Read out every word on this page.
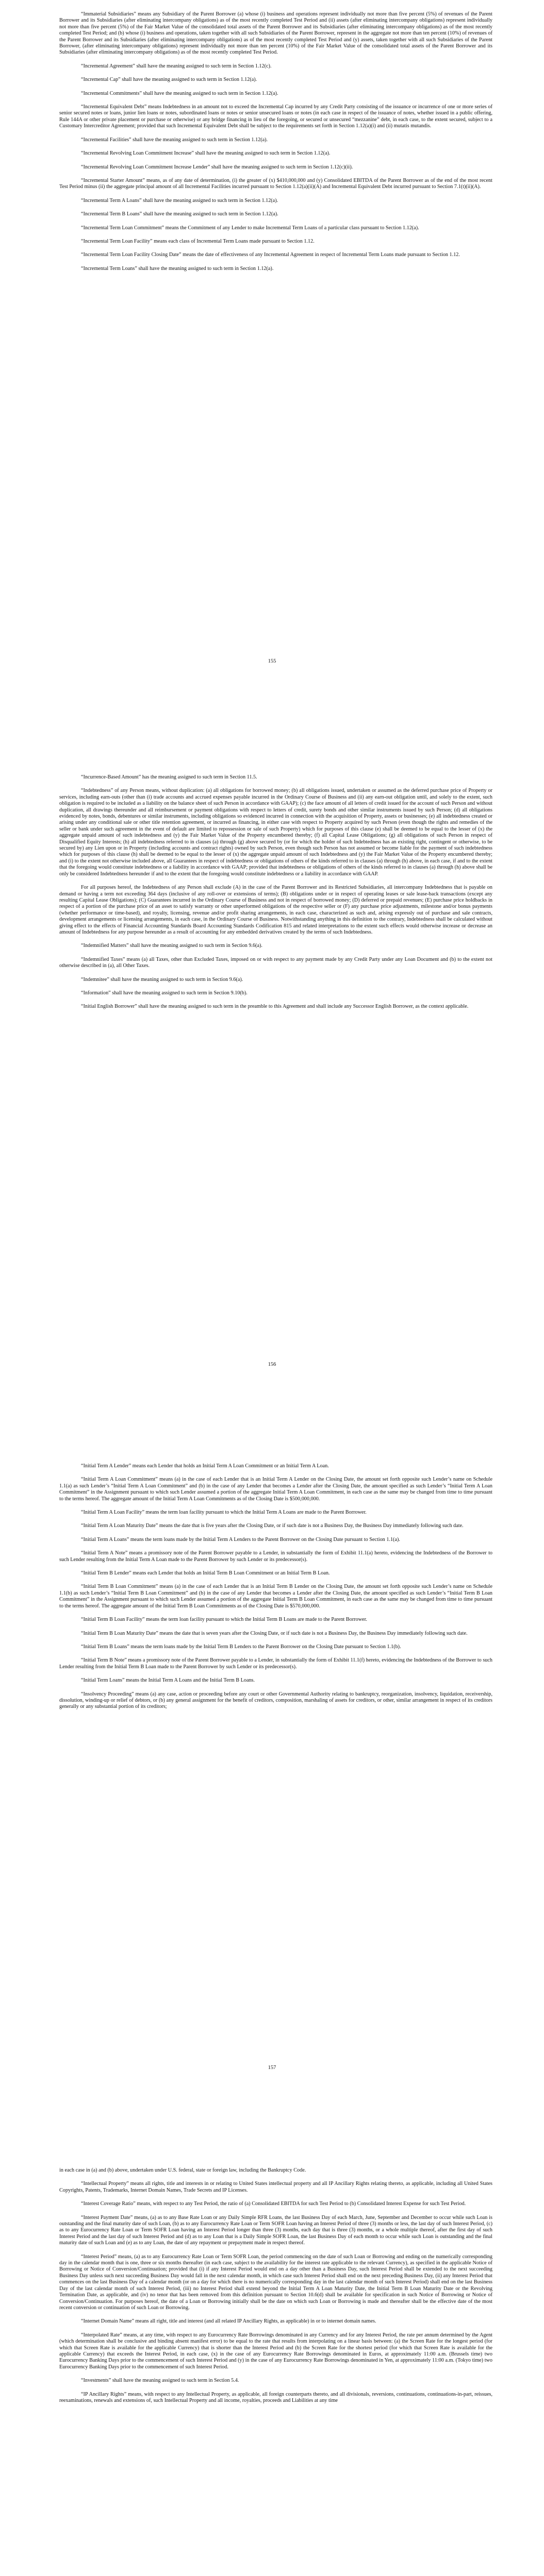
“Immaterial Subsidiaries” means any Subsidiary of the Parent Borrower (a) whose (i) business and operations represent individually not more than five percent (5%) of revenues of the Parent Borrower and its Subsidiaries (after eliminating intercompany obligations) as of the most recently completed Test Period and (ii) assets (after eliminating intercompany obligations) represent individually not more than five percent (5%) of the Fair Market Value of the consolidated total assets of the Parent Borrower and its Subsidiaries (after eliminating intercompany obligations) as of the most recently completed Test Period; and (b) whose (i) business and operations, taken together with all such Subsidiaries of the Parent Borrower, represent in the aggregate not more than ten percent (10%) of revenues of the Parent Borrower and its Subsidiaries (after eliminating intercompany obligations) as of the most recently completed Test Period and (y) assets, taken together with all such Subsidiaries of the Parent Borrower, (after eliminating intercompany obligations) represent individually not more than ten percent (10%) of the Fair Market Value of the consolidated total assets of the Parent Borrower and its Subsidiaries (after eliminating intercompany obligations) as of the most recently completed Test Period.

“Incremental Agreement” shall have the meaning assigned to such term in Section 1.12(c).

“Incremental Cap” shall have the meaning assigned to such term in Section 1.12(a).

“Incremental Commitments” shall have the meaning assigned to such term in Section 1.12(a).

“Incremental Equivalent Debt” means Indebtedness in an amount not to exceed the Incremental Cap incurred by any Credit Party consisting of the issuance or incurrence of one or more series of senior secured notes or loans, junior lien loans or notes, subordinated loans or notes or senior unsecured loans or notes (in each case in respect of the issuance of notes, whether issued in a public offering, Rule 144A or other private placement or purchase or otherwise) or any bridge financing in lieu of the foregoing, or secured or unsecured “mezzanine” debt, in each case, to the extent secured, subject to a Customary Intercreditor Agreement; provided that such Incremental Equivalent Debt shall be subject to the requirements set forth in Section 1.12(a)(i) and (ii) mutatis mutandis.

“Incremental Facilities” shall have the meaning assigned to such term in Section 1.12(a).

“Incremental Revolving Loan Commitment Increase” shall have the meaning assigned to such term in Section 1.12(a).

“Incremental Revolving Loan Commitment Increase Lender” shall have the meaning assigned to such term in Section 1.12(c)(ii).

“Incremental Starter Amount” means, as of any date of determination, (i) the greater of (x) $410,000,000 and (y) Consolidated EBITDA of the Parent Borrower as of the end of the most recent Test Period minus (ii) the aggregate principal amount of all Incremental Facilities incurred pursuant to Section 1.12(a)(ii)(A) and Incremental Equivalent Debt incurred pursuant to Section 7.1(t)(ii)(A).

“Incremental Term A Loans” shall have the meaning assigned to such term in Section 1.12(a).

“Incremental Term B Loans” shall have the meaning assigned to such term in Section 1.12(a).

“Incremental Term Loan Commitment” means the Commitment of any Lender to make Incremental Term Loans of a particular class pursuant to Section 1.12(a).

“Incremental Term Loan Facility” means each class of Incremental Term Loans made pursuant to Section 1.12.

“Incremental Term Loan Facility Closing Date” means the date of effectiveness of any Incremental Agreement in respect of Incremental Term Loans made pursuant to Section 1.12.

“Incremental Term Loans” shall have the meaning assigned to such term in Section 1.12(a).

155

“Incurrence-Based Amount” has the meaning assigned to such term in Section 11.5.

“Indebtedness” of any Person means, without duplication: (a) all obligations for borrowed money; (b) all obligations issued, undertaken or assumed as the deferred purchase price of Property or services, including earn-outs (other than (i) trade accounts and accrued expenses payable incurred in the Ordinary Course of Business and (ii) any earn-out obligation until, and solely to the extent, such obligation is required to be included as a liability on the balance sheet of such Person in accordance with GAAP); (c) the face amount of all letters of credit issued for the account of such Person and without duplication, all drawings thereunder and all reimbursement or payment obligations with respect to letters of credit, surety bonds and other similar instruments issued by such Person; (d) all obligations evidenced by notes, bonds, debentures or similar instruments, including obligations so evidenced incurred in connection with the acquisition of Property, assets or businesses; (e) all indebtedness created or arising under any conditional sale or other title retention agreement, or incurred as financing, in either case with respect to Property acquired by such Person (even though the rights and remedies of the seller or bank under such agreement in the event of default are limited to repossession or sale of such Property) which for purposes of this clause (e) shall be deemed to be equal to the lesser of (x) the aggregate unpaid amount of such indebtedness and (y) the Fair Market Value of the Property encumbered thereby; (f) all Capital Lease Obligations; (g) all obligations of such Person in respect of Disqualified Equity Interests; (h) all indebtedness referred to in clauses (a) through (g) above secured by (or for which the holder of such Indebtedness has an existing right, contingent or otherwise, to be secured by) any Lien upon or in Property (including accounts and contract rights) owned by such Person, even though such Person has not assumed or become liable for the payment of such indebtedness which for purposes of this clause (h) shall be deemed to be equal to the lesser of (x) the aggregate unpaid amount of such Indebtedness and (y) the Fair Market Value of the Property encumbered thereby; and (i) to the extent not otherwise included above, all Guarantees in respect of indebtedness or obligations of others of the kinds referred to in clauses (a) through (h) above, in each case, if and to the extent that the foregoing would constitute indebtedness or a liability in accordance with GAAP; provided that indebtedness or obligations of others of the kinds referred to in clauses (a) through (h) above shall be only be considered Indebtedness hereunder if and to the extent that the foregoing would constitute indebtedness or a liability in accordance with GAAP.

For all purposes hereof, the Indebtedness of any Person shall exclude (A) in the case of the Parent Borrower and its Restricted Subsidiaries, all intercompany Indebtedness that is payable on demand or having a term not exceeding 364 days (inclusive of any roll-over or extensions of terms); (B) obligations under or in respect of operating leases or sale lease-back transactions (except any resulting Capital Lease Obligations); (C) Guarantees incurred in the Ordinary Course of Business and not in respect of borrowed money; (D) deferred or prepaid revenues; (E) purchase price holdbacks in respect of a portion of the purchase price of an asset to satisfy warranty or other unperformed obligations of the respective seller or (F) any purchase price adjustments, milestone and/or bonus payments (whether performance or time-based), and royalty, licensing, revenue and/or profit sharing arrangements, in each case, characterized as such and, arising expressly out of purchase and sale contracts, development arrangements or licensing arrangements, in each case, in the Ordinary Course of Business. Notwithstanding anything in this definition to the contrary, Indebtedness shall be calculated without giving effect to the effects of Financial Accounting Standards Board Accounting Standards Codification 815 and related interpretations to the extent such effects would otherwise increase or decrease an amount of Indebtedness for any purpose hereunder as a result of accounting for any embedded derivatives created by the terms of such Indebtedness.

“Indemnified Matters” shall have the meaning assigned to such term in Section 9.6(a).

“Indemnified Taxes” means (a) all Taxes, other than Excluded Taxes, imposed on or with respect to any payment made by any Credit Party under any Loan Document and (b) to the extent not otherwise described in (a), all Other Taxes.

“Indemnitee” shall have the meaning assigned to such term in Section 9.6(a).

“Information” shall have the meaning assigned to such term in Section 9.10(b).

“Initial English Borrower” shall have the meaning assigned to such term in the preamble to this Agreement and shall include any Successor English Borrower, as the context applicable.

156

“Initial Term A Lender” means each Lender that holds an Initial Term A Loan Commitment or an Initial Term A Loan.

“Initial Term A Loan Commitment” means (a) in the case of each Lender that is an Initial Term A Lender on the Closing Date, the amount set forth opposite such Lender’s name on Schedule 1.1(a) as such Lender’s “Initial Term A Loan Commitment” and (b) in the case of any Lender that becomes a Lender after the Closing Date, the amount specified as such Lender’s “Initial Term A Loan Commitment” in the Assignment pursuant to which such Lender assumed a portion of the aggregate Initial Term A Loan Commitment, in each case as the same may be changed from time to time pursuant to the terms hereof. The aggregate amount of the Initial Term A Loan Commitments as of the Closing Date is $500,000,000.

“Initial Term A Loan Facility” means the term loan facility pursuant to which the Initial Term A Loans are made to the Parent Borrower.

“Initial Term A Loan Maturity Date” means the date that is five years after the Closing Date, or if such date is not a Business Day, the Business Day immediately following such date.

“Initial Term A Loans” means the term loans made by the Initial Term A Lenders to the Parent Borrower on the Closing Date pursuant to Section 1.1(a).

“Initial Term A Note” means a promissory note of the Parent Borrower payable to a Lender, in substantially the form of Exhibit 11.1(a) hereto, evidencing the Indebtedness of the Borrower to such Lender resulting from the Initial Term A Loan made to the Parent Borrower by such Lender or its predecessor(s).

“Initial Term B Lender” means each Lender that holds an Initial Term B Loan Commitment or an Initial Term B Loan.

“Initial Term B Loan Commitment” means (a) in the case of each Lender that is an Initial Term B Lender on the Closing Date, the amount set forth opposite such Lender’s name on Schedule 1.1(b) as such Lender’s “Initial Term B Loan Commitment” and (b) in the case of any Lender that becomes a Lender after the Closing Date, the amount specified as such Lender’s “Initial Term B Loan Commitment” in the Assignment pursuant to which such Lender assumed a portion of the aggregate Initial Term B Loan Commitment, in each case as the same may be changed from time to time pursuant to the terms hereof. The aggregate amount of the Initial Term B Loan Commitments as of the Closing Date is $570,000,000.

“Initial Term B Loan Facility” means the term loan facility pursuant to which the Initial Term B Loans are made to the Parent Borrower.

“Initial Term B Loan Maturity Date” means the date that is seven years after the Closing Date, or if such date is not a Business Day, the Business Day immediately following such date.

“Initial Term B Loans” means the term loans made by the Initial Term B Lenders to the Parent Borrower on the Closing Date pursuant to Section 1.1(b).

“Initial Term B Note” means a promissory note of the Parent Borrower payable to a Lender, in substantially the form of Exhibit 11.1(f) hereto, evidencing the Indebtedness of the Borrower to such Lender resulting from the Initial Term B Loan made to the Parent Borrower by such Lender or its predecessor(s).

“Initial Term Loans” means the Initial Term A Loans and the Initial Term B Loans.

“Insolvency Proceeding” means (a) any case, action or proceeding before any court or other Governmental Authority relating to bankruptcy, reorganization, insolvency, liquidation, receivership, dissolution, winding-up or relief of debtors, or (b) any general assignment for the benefit of creditors, composition, marshaling of assets for creditors, or other, similar arrangement in respect of its creditors generally or any substantial portion of its creditors;

157

in each case in (a) and (b) above, undertaken under U.S. federal, state or foreign law, including the Bankruptcy Code.

“Intellectual Property” means all rights, title and interests in or relating to United States intellectual property and all IP Ancillary Rights relating thereto, as applicable, including all United States Copyrights, Patents, Trademarks, Internet Domain Names, Trade Secrets and IP Licenses.

“Interest Coverage Ratio” means, with respect to any Test Period, the ratio of (a) Consolidated EBITDA for such Test Period to (b) Consolidated Interest Expense for such Test Period.

“Interest Payment Date” means, (a) as to any Base Rate Loan or any Daily Simple RFR Loans, the last Business Day of each March, June, September and December to occur while such Loan is outstanding and the final maturity date of such Loan, (b) as to any Eurocurrency Rate Loan or Term SOFR Loan having an Interest Period of three (3) months or less, the last day of such Interest Period, (c) as to any Eurocurrency Rate Loan or Term SOFR Loan having an Interest Period longer than three (3) months, each day that is three (3) months, or a whole multiple thereof, after the first day of such Interest Period and the last day of such Interest Period and (d) as to any Loan that is a Daily Simple SOFR Loan, the last Business Day of each month to occur while such Loan is outstanding and the final maturity date of such Loan and (e) as to any Loan, the date of any repayment or prepayment made in respect thereof.

“Interest Period” means, (a) as to any Eurocurrency Rate Loan or Term SOFR Loan, the period commencing on the date of such Loan or Borrowing and ending on the numerically corresponding day in the calendar month that is one, three or six months thereafter (in each case, subject to the availability for the interest rate applicable to the relevant Currency), as specified in the applicable Notice of Borrowing or Notice of Conversion/Continuation; provided that (i) if any Interest Period would end on a day other than a Business Day, such Interest Period shall be extended to the next succeeding Business Day unless such next succeeding Business Day would fall in the next calendar month, in which case such Interest Period shall end on the next preceding Business Day, (ii) any Interest Period that commences on the last Business Day of a calendar month (or on a day for which there is no numerically corresponding day in the last calendar month of such Interest Period) shall end on the last Business Day of the last calendar month of such Interest Period, (iii) no Interest Period shall extend beyond the Initial Term A Loan Maturity Date, the Initial Term B Loan Maturity Date or the Revolving Termination Date, as applicable, and (iv) no tenor that has been removed from this definition pursuant to Section 10.6(d) shall be available for specification in such Notice of Borrowing or Notice of Conversion/Continuation. For purposes hereof, the date of a Loan or Borrowing initially shall be the date on which such Loan or Borrowing is made and thereafter shall be the effective date of the most recent conversion or continuation of such Loan or Borrowing.

“Internet Domain Name” means all right, title and interest (and all related IP Ancillary Rights, as applicable) in or to internet domain names.

“Interpolated Rate” means, at any time, with respect to any Eurocurrency Rate Borrowings denominated in any Currency and for any Interest Period, the rate per annum determined by the Agent (which determination shall be conclusive and binding absent manifest error) to be equal to the rate that results from interpolating on a linear basis between: (a) the Screen Rate for the longest period (for which that Screen Rate is available for the applicable Currency) that is shorter than the Interest Period and (b) the Screen Rate for the shortest period (for which that Screen Rate is available for the applicable Currency) that exceeds the Interest Period, in each case, (x) in the case of any Eurocurrency Rate Borrowings denominated in Euros, at approximately 11:00 a.m. (Brussels time) two Eurocurrency Banking Days prior to the commencement of such Interest Period and (y) in the case of any Eurocurrency Rate Borrowings denominated in Yen, at approximately 11:00 a.m. (Tokyo time) two Eurocurrency Banking Days prior to the commencement of such Interest Period.

“Investments” shall have the meaning assigned to such term in Section 5.4.

“IP Ancillary Rights” means, with respect to any Intellectual Property, as applicable, all foreign counterparts thereto, and all divisionals, reversions, continuations, continuations-in-part, reissues, reexaminations, renewals and extensions of, such Intellectual Property and all income, royalties, proceeds and Liabilities at any time
